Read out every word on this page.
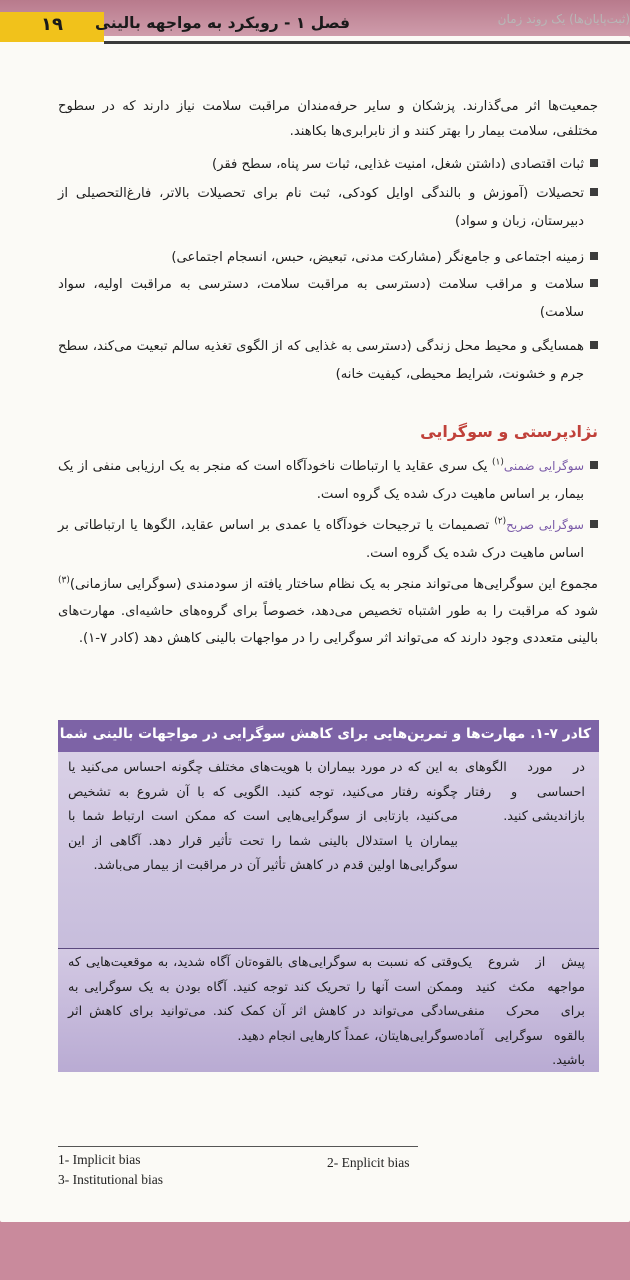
(ثبت‌پایان‌ها) یک روند زمان
۱۹	فصل ۱ - رویکرد به مواجهه بالینی
جمعیت‌ها اثر می‌گذارند. پزشکان و سایر حرفه‌مندان مراقبت سلامت نیاز دارند که در سطوح مختلفی، سلامت بیمار را بهتر کنند و از نابرابری‌ها بکاهند.
ثبات اقتصادی (داشتن شغل، امنیت غذایی، ثبات سر پناه، سطح فقر)
تحصیلات (آموزش و بالندگی اوایل کودکی، ثبت نام برای تحصیلات بالاتر، فارغ‌التحصیلی از دبیرستان، زبان و سواد)
زمینه اجتماعی و جامع‌نگر (مشارکت مدنی، تبعیض، حبس، انسجام اجتماعی)
سلامت و مراقب سلامت (دسترسی به مراقبت سلامت، دسترسی به مراقبت اولیه، سواد سلامت)
همسایگی و محیط محل زندگی (دسترسی به غذایی که از الگوی تغذیه سالم تبعیت می‌کند، سطح جرم و خشونت، شرایط محیطی، کیفیت خانه)
نژادپرستی و سوگرایی
سوگرایی ضمنی$^{(۱)}$ یک سری عقاید یا ارتباطات ناخودآگاه است که منجر به یک ارزیابی منفی از یک بیمار، بر اساس ماهیت درک شده یک گروه است.
سوگرایی صریح$^{(۲)}$ تصمیمات یا ترجیحات خودآگاه یا عمدی بر اساس عقاید، الگوها یا ارتباطاتی بر اساس ماهیت درک شده یک گروه است.
مجموع این سوگرایی‌ها می‌تواند منجر به یک نظام ساختار یافته از سودمندی (سوگرایی سازمانی)$^{(۳)}$ شود که مراقبت را به طور اشتباه تخصیص می‌دهد، خصوصاً برای گروه‌های حاشیه‌ای. مهارت‌های بالینی متعددی وجود دارند که می‌تواند اثر سوگرایی را در مواجهات بالینی کاهش دهد (کادر ۷-۱).
کادر ۷-۱. مهارت‌ها و تمرین‌هایی برای کاهش سوگرایی در مواجهات بالینی شما
در مورد الگوهای احساسی و رفتار بازاندیشی کنید.
به این که در مورد بیماران با هویت‌های مختلف چگونه احساس می‌کنید یا چگونه رفتار می‌کنید، توجه کنید. الگویی که با آن شروع به تشخیص می‌کنید، بازتابی از سوگرایی‌هایی است که ممکن است ارتباط شما با بیماران یا استدلال بالینی شما را تحت تأثیر قرار دهد. آگاهی از این سوگرایی‌ها اولین قدم در کاهش تأثیر آن در مراقبت از بیمار می‌باشد.
پیش از شروع یک مواجهه مکث کنید و برای محرک منفی بالقوه سوگرایی آماده باشید.
وقتی که نسبت به سوگرایی‌های بالقوه‌تان آگاه شدید، به موقعیت‌هایی که ممکن است آنها را تحریک کند توجه کنید. آگاه بودن به یک سوگرایی به سادگی می‌تواند در کاهش اثر آن کمک کند. می‌توانید برای کاهش اثر سوگرایی‌هایتان، عمداً کارهایی انجام دهید.
1- Implicit bias	2- Enplicit bias
3- Institutional bias
